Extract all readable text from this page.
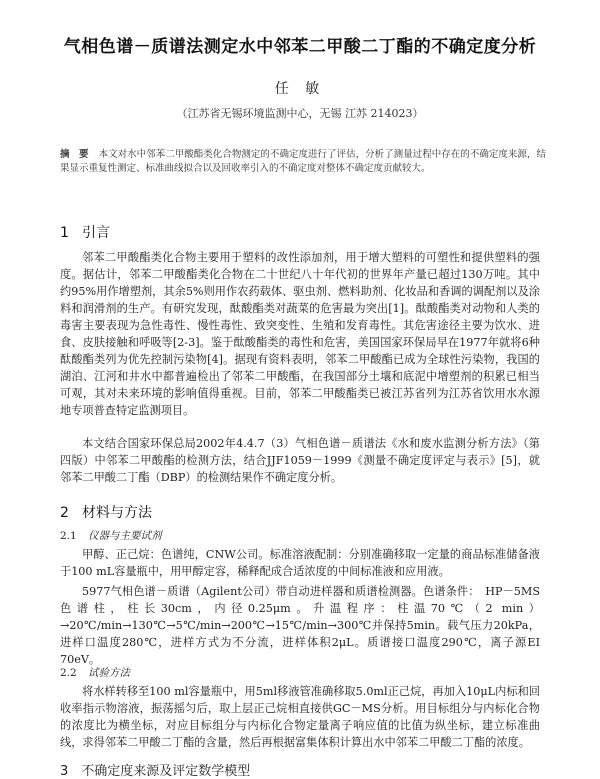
气相色谱－质谱法测定水中邻苯二甲酸二丁酯的不确定度分析
任 敏
（江苏省无锡环境监测中心，无锡 江苏 214023）
摘　要 本文对水中邻苯二甲酸酯类化合物测定的不确定度进行了评估，分析了测量过程中存在的不确定度来源，结果显示重复性测定、标准曲线拟合以及回收率引入的不确定度对整体不确定度贡献较大。
1 引言
邻苯二甲酸酯类化合物主要用于塑料的改性添加剂，用于增大塑料的可塑性和提供塑料的强度。据估计，邻苯二甲酸酯类化合物在二十世纪八十年代初的世界年产量已超过130万吨。其中约95%用作增塑剂，其余5%则用作农药载体、驱虫剂、燃料助剂、化妆品和香调的调配剂以及涂料和润滑剂的生产。有研究发现，酞酸酯类对蔬菜的危害最为突出[1]。酞酸酯类对动物和人类的毒害主要表现为急性毒性、慢性毒性、致突变性、生殖和发育毒性。其危害途径主要为饮水、进食、皮肤接触和呼吸等[2-3]。鉴于酞酸酯类的毒性和危害，美国国家环保局早在1977年就将6种酞酸酯类列为优先控制污染物[4]。据现有资料表明，邻苯二甲酸酯已成为全球性污染物，我国的湖泊、江河和井水中都普遍检出了邻苯二甲酸酯，在我国部分土壤和底泥中增塑剂的积累已相当可观，其对未来环境的影响值得重视。目前，邻苯二甲酸酯类已被江苏省列为江苏省饮用水水源地专项普查特定监测项目。
本文结合国家环保总局2002年4.4.7（3）气相色谱－质谱法《水和废水监测分析方法》（第四版）中邻苯二甲酸酯的检测方法，结合JJF1059－1999《测量不确定度评定与表示》[5]，就邻苯二甲酸二丁酯（DBP）的检测结果作不确定度分析。
2 材料与方法
2.1 仪器与主要试剂
甲醇、正己烷：色谱纯，CNW公司。标准溶液配制：分别准确移取一定量的商品标准储备液于100 mL容量瓶中，用甲醇定容，稀释配成合适浓度的中间标准液和应用液。
5977气相色谱－质谱（Agilent公司）带自动进样器和质谱检测器。色谱条件：　HP－5MS色谱柱，柱长30cm，内径0.25μm。升温程序：柱温70℃（2 min）→20℃/min→130℃→5℃/min→200℃→15℃/min→300℃并保持5min。载气压力20kPa，进样口温度280℃，进样方式为不分流，进样体积2μL。质谱接口温度290℃，离子源EI 70eV。
2.2 试验方法
将水样转移至100 ml容量瓶中，用5ml移液管准确移取5.0ml正己烷，再加入10μL内标和回收率指示物溶液，振荡摇匀后，取上层正己烷相直接供GC－MS分析。用目标组分与内标化合物的浓度比为横坐标，对应目标组分与内标化合物定量离子响应值的比值为纵坐标，建立标准曲线，求得邻苯二甲酸二丁酯的含量，然后再根据富集体积计算出水中邻苯二甲酸二丁酯的浓度。
3　 不确定度来源及评定数学模型
